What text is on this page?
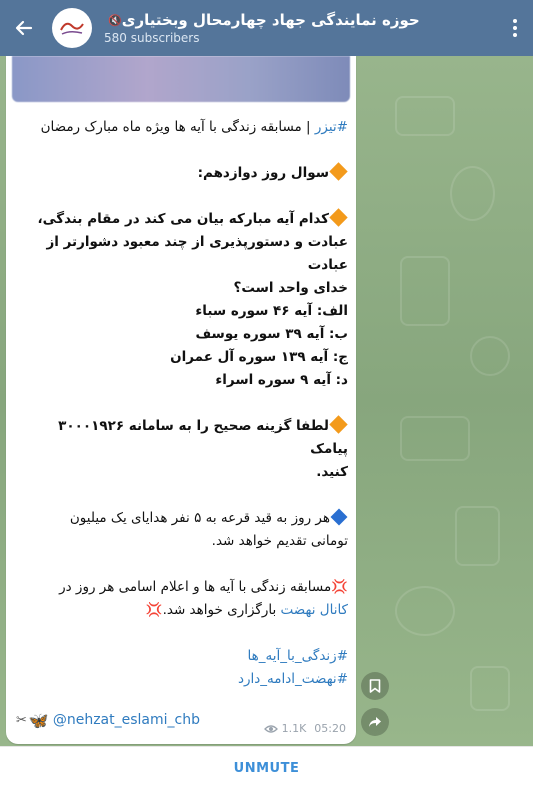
حوزه نمایندگی جهاد چهارمحال وبختیاری
🔇
580 subscribers

#تیزر | مسابقه زندگی با آیه ها ویژه ماه مبارک رمضان

سوال روز دوازدهم:

کدام آیه مبارکه بیان می کند در مقام بندگی،

عبادت و دستورپذیری از چند معبود دشوارتر از عبادت

خدای واحد است؟

الف: آیه ۴۶ سوره سباء

ب: آیه ۳۹ سوره یوسف

ج: آیه ۱۳۹ سوره آل عمران

د: آیه ۹ سوره اسراء

لطفا گزینه صحیح را به سامانه ۳۰۰۰۱۹۲۶ پیامک

کنید.

هر روز به قید قرعه به ۵ نفر هدایای یک میلیون

تومانی تقدیم خواهد شد.

💢مسابقه زندگی با آیه ها و اعلام اسامی هر روز در

کانال نهضت بارگزاری خواهد شد.💢

#زندگی_با_آیه_ها

#نهضت_ادامه_دارد

✂ 🦋 @nehzat_eslami_chb
1.1K 05:20
UNMUTE
